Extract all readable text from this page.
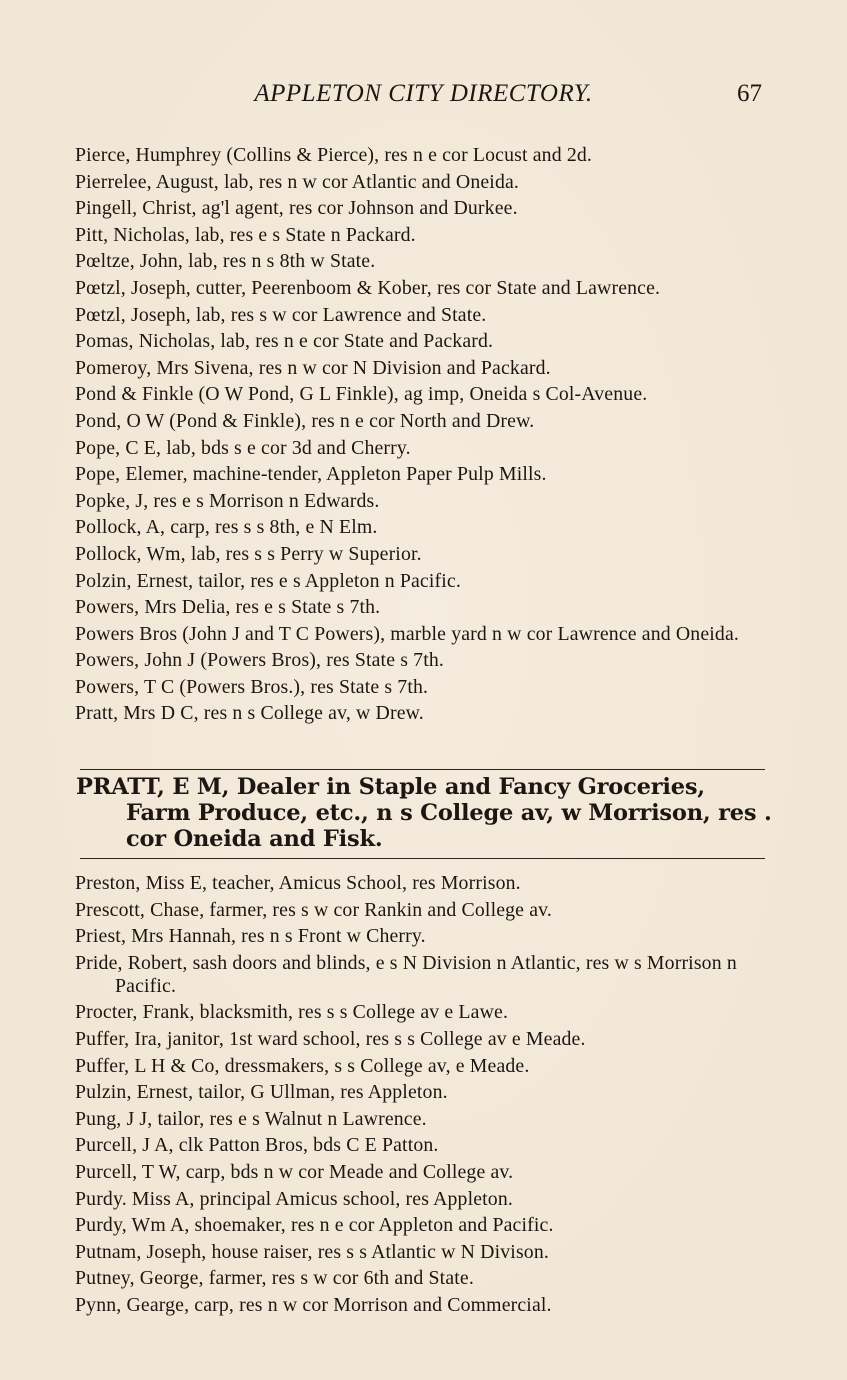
APPLETON CITY DIRECTORY.	67
Pierce, Humphrey (Collins & Pierce), res n e cor Locust and 2d.
Pierrelee, August, lab, res n w cor Atlantic and Oneida.
Pingell, Christ, ag'l agent, res cor Johnson and Durkee.
Pitt, Nicholas, lab, res e s State n Packard.
Pœltze, John, lab, res n s 8th w State.
Pœtzl, Joseph, cutter, Peerenboom & Kober, res cor State and Lawrence.
Pœtzl, Joseph, lab, res s w cor Lawrence and State.
Pomas, Nicholas, lab, res n e cor State and Packard.
Pomeroy, Mrs Sivena, res n w cor N Division and Packard.
Pond & Finkle (O W Pond, G L Finkle), ag imp, Oneida s Col-Avenue.
Pond, O W (Pond & Finkle), res n e cor North and Drew.
Pope, C E, lab, bds s e cor 3d and Cherry.
Pope, Elemer, machine-tender, Appleton Paper Pulp Mills.
Popke, J, res e s Morrison n Edwards.
Pollock, A, carp, res s s 8th, e N Elm.
Pollock, Wm, lab, res s s Perry w Superior.
Polzin, Ernest, tailor, res e s Appleton n Pacific.
Powers, Mrs Delia, res e s State s 7th.
Powers Bros (John J and T C Powers), marble yard n w cor Lawrence and Oneida.
Powers, John J (Powers Bros), res State s 7th.
Powers, T C (Powers Bros.), res State s 7th.
Pratt, Mrs D C, res n s College av, w Drew.
PRATT, E M, Dealer in Staple and Fancy Groceries,
Farm Produce, etc., n s College av, w Morrison, res .
cor Oneida and Fisk.
Preston, Miss E, teacher, Amicus School, res Morrison.
Prescott, Chase, farmer, res s w cor Rankin and College av.
Priest, Mrs Hannah, res n s Front w Cherry.
Pride, Robert, sash doors and blinds, e s N Division n Atlantic, res w s Morrison n Pacific.
Procter, Frank, blacksmith, res s s College av e Lawe.
Puffer, Ira, janitor, 1st ward school, res s s College av e Meade.
Puffer, L H & Co, dressmakers, s s College av, e Meade.
Pulzin, Ernest, tailor, G Ullman, res Appleton.
Pung, J J, tailor, res e s Walnut n Lawrence.
Purcell, J A, clk Patton Bros, bds C E Patton.
Purcell, T W, carp, bds n w cor Meade and College av.
Purdy. Miss A, principal Amicus school, res Appleton.
Purdy, Wm A, shoemaker, res n e cor Appleton and Pacific.
Putnam, Joseph, house raiser, res s s Atlantic w N Divison.
Putney, George, farmer, res s w cor 6th and State.
Pynn, Gearge, carp, res n w cor Morrison and Commercial.
